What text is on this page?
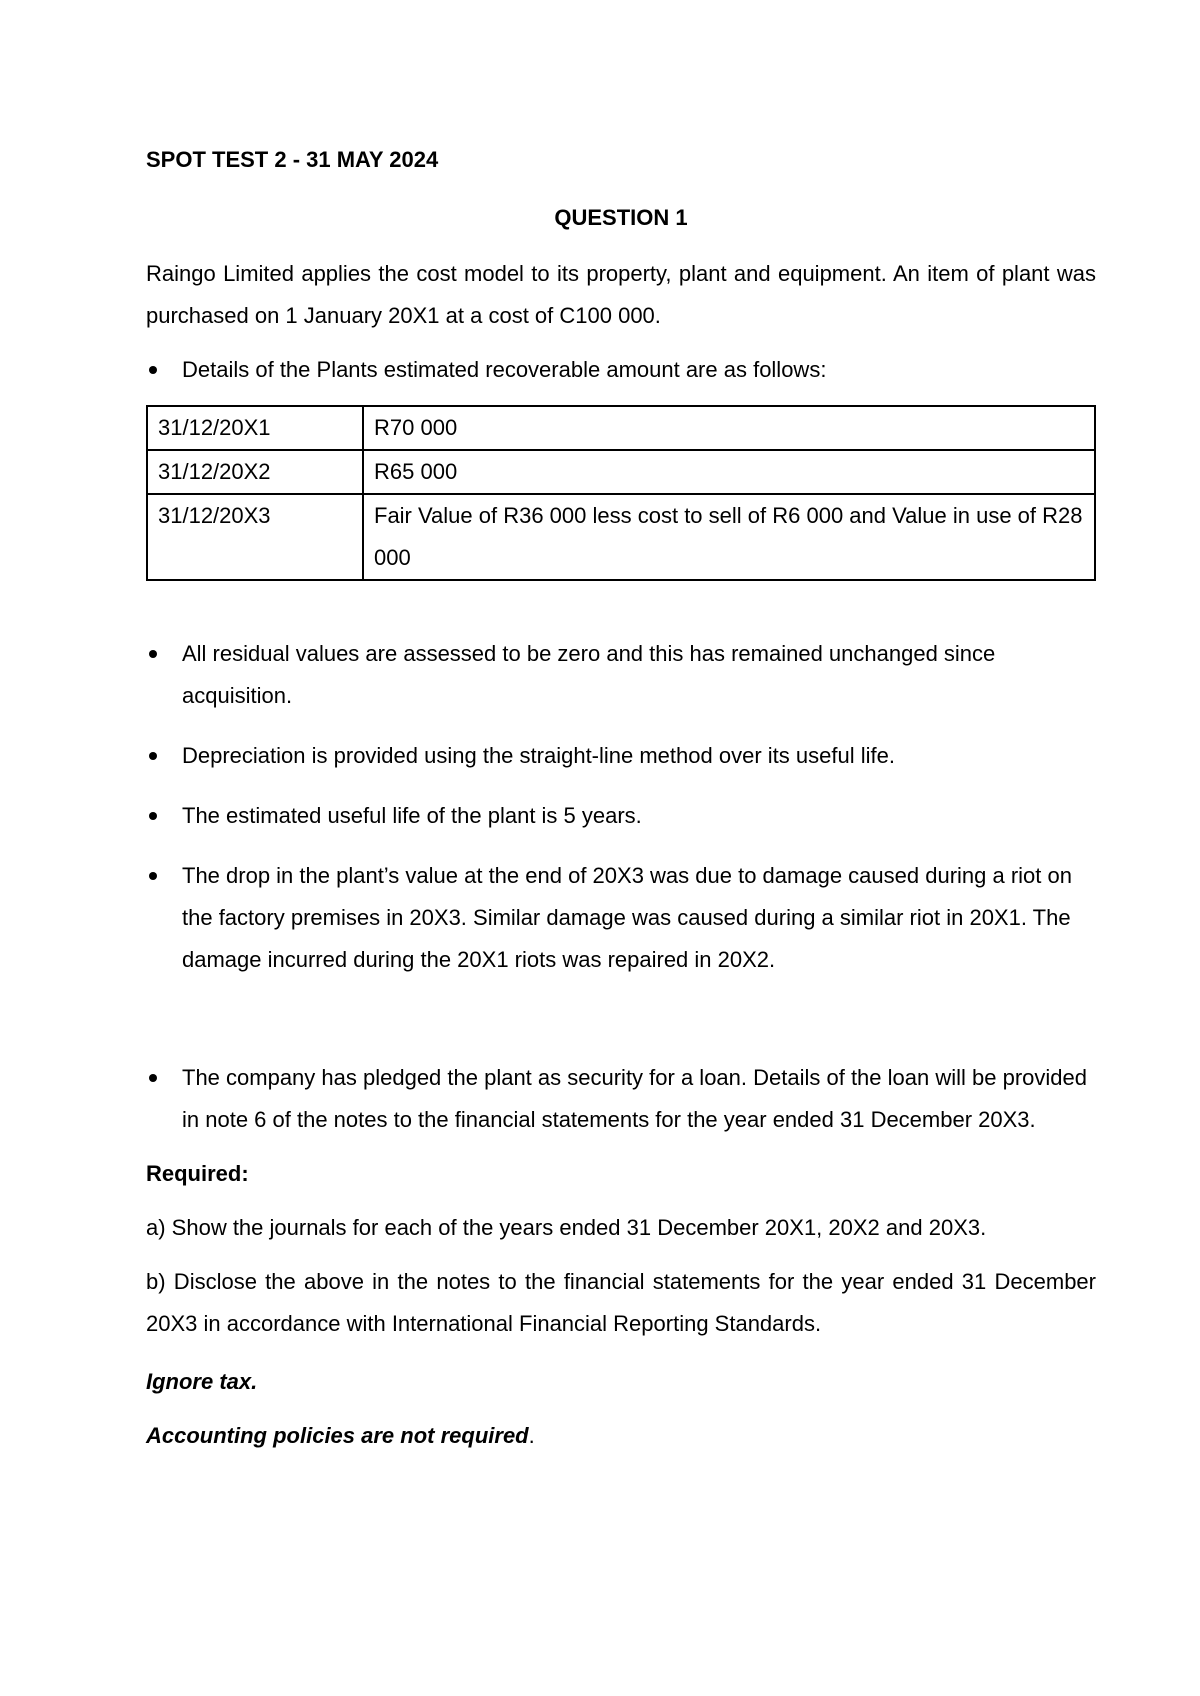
SPOT TEST 2 - 31 MAY 2024

QUESTION 1

Raingo Limited applies the cost model to its property, plant and equipment. An item of plant was purchased on 1 January 20X1 at a cost of C100 000.

Details of the Plants estimated recoverable amount are as follows:
31/12/20X1	R70 000
31/12/20X2	R65 000
31/12/20X3	Fair Value of R36 000 less cost to sell of R6 000 and Value in use of R28 000
All residual values are assessed to be zero and this has remained unchanged since acquisition.
Depreciation is provided using the straight-line method over its useful life.
The estimated useful life of the plant is 5 years.
The drop in the plant’s value at the end of 20X3 was due to damage caused during a riot on the factory premises in 20X3. Similar damage was caused during a similar riot in 20X1. The damage incurred during the 20X1 riots was repaired in 20X2.
The company has pledged the plant as security for a loan. Details of the loan will be provided in note 6 of the notes to the financial statements for the year ended 31 December 20X3.

Required:

a) Show the journals for each of the years ended 31 December 20X1, 20X2 and 20X3.

b) Disclose the above in the notes to the financial statements for the year ended 31 December 20X3 in accordance with International Financial Reporting Standards.

Ignore tax.

Accounting policies are not required.
